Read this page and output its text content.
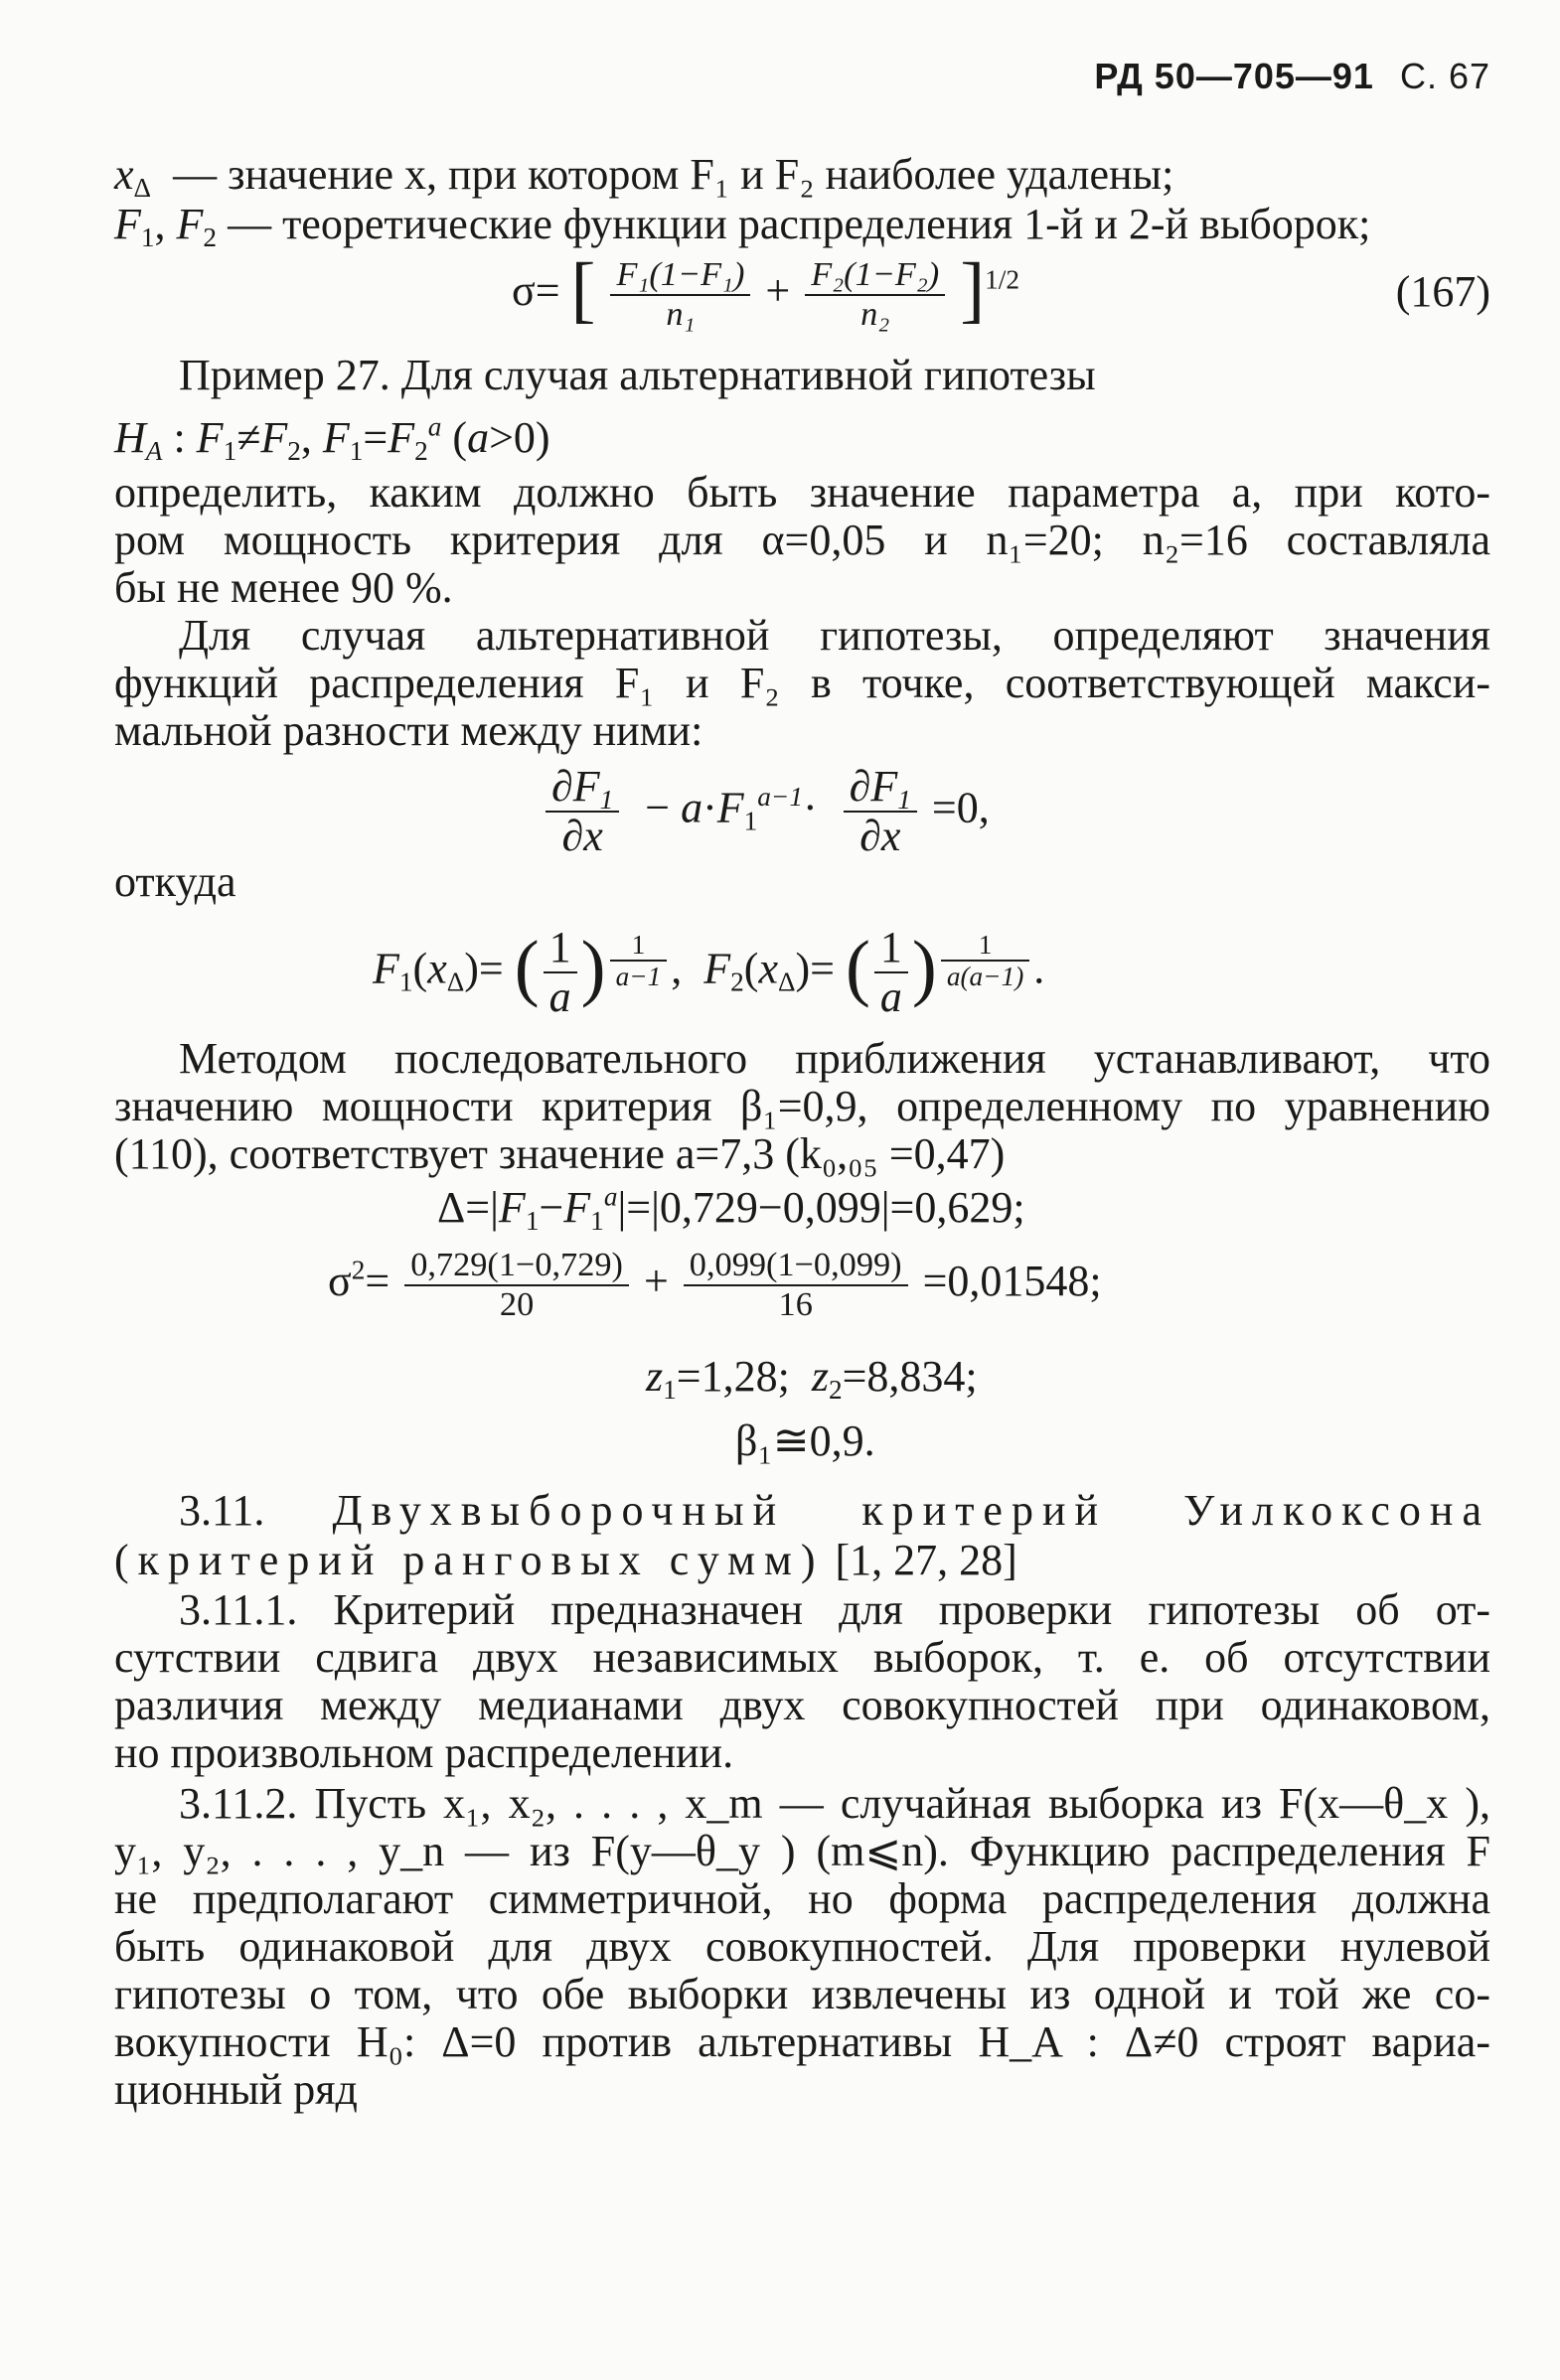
РД 50—705—91 С. 67
$x_\Delta$ — значение x, при котором F₁ и F₂ наиболее удалены;
$F_1$, $F_2$ — теоретические функции распределения 1-й и 2-й выборок;
σ= [ $\frac{\text{F₁(1−F₁)}}{\text{n₁}} + \frac{\text{F₂(1−F₂)}}{\text{n₂}} ]^{1/2}$	(167)
Пример 27. Для случая альтернативной гипотезы
$H_A$ : $F_1\ne F_2$, $F_1=F_2^a$ (a>0)
определить, каким должно быть значение параметра a, при кото-
ром мощность критерия для α=0,05 и n₁=20; n₂=16 составляла
бы не менее 90 %.
Для случая альтернативной гипотезы, определяют значения
функций распределения F₁ и F₂ в точке, соответствующей макси-
мальной разности между ними:
$\frac{\partial F_1}{\partial x} - a\cdot F_1^{a-1}\cdot \frac{\partial F_1}{\partial x} =0$,
откуда
$F_1(x_\Delta)=$ ( $\frac{1}{a}$ ) $^{\frac{1}{a-1}}$ ,  $F_2(x_\Delta)=$ ( $\frac{1}{a}$ ) $^{\frac{1}{a(a-1)}}$ .
Методом последовательного приближения устанавливают, что
значению мощности критерия β₁=0,9, определенному по уравнению
(110), соответствует значение a=7,3 (k₀,₀₅ =0,47)
$\Delta=|F_1-F_1^a|=|0,729-0,099|=0,629$;
$\sigma^2= \frac{0,729(1-0,729)}{20} + \frac{0,099(1-0,099)}{16} =0,01548$;
$z_1=1,28$;  $z_2=8,834$;
β₁≅0,9.
3.11. Двухвыборочный критерий Уилкоксона
(критерий ранговых сумм) [1, 27, 28]
3.11.1. Критерий предназначен для проверки гипотезы об от-
сутствии сдвига двух независимых выборок, т. е. об отсутствии
различия между медианами двух совокупностей при одинаковом,
но произвольном распределении.
3.11.2. Пусть x₁, x₂, . . . , x_m — случайная выборка из F(x—θ_x ),
y₁, y₂, . . . , y_n — из F(y—θ_y ) (m⩽n). Функцию распределения F
не предполагают симметричной, но форма распределения должна
быть одинаковой для двух совокупностей. Для проверки нулевой
гипотезы о том, что обе выборки извлечены из одной и той же со-
вокупности H₀: Δ=0 против альтернативы H_A : Δ≠0 строят вариа-
ционный ряд
